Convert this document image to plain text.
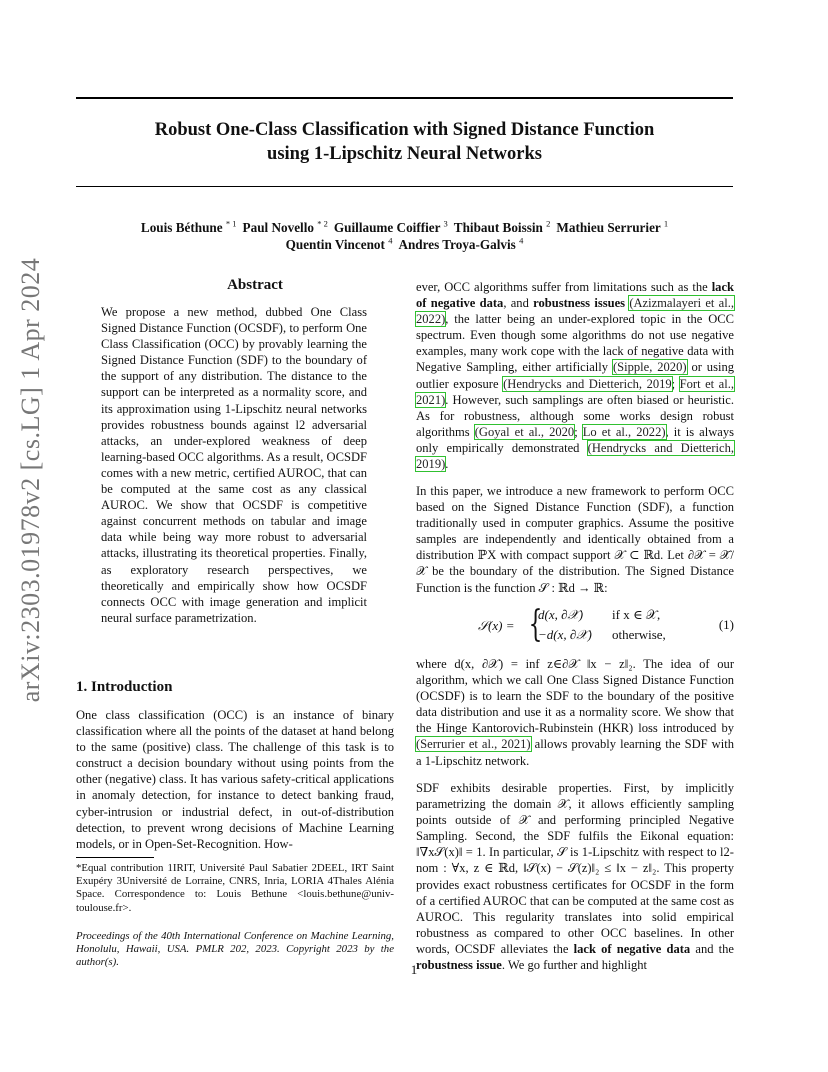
arXiv:2303.01978v2 [cs.LG] 1 Apr 2024
Robust One-Class Classification with Signed Distance Function
using 1-Lipschitz Neural Networks
Louis Béthune $^{* 1}$ Paul Novello $^{* 2}$ Guillaume Coiffier $^3$ Thibaut Boissin $^2$ Mathieu Serrurier $^1$
Quentin Vincenot $^4$ Andres Troya-Galvis $^4$
Abstract

We propose a new method, dubbed One Class Signed Distance Function (OCSDF), to perform One Class Classification (OCC) by provably learning the Signed Distance Function (SDF) to the boundary of the support of any distribution. The distance to the support can be interpreted as a normality score, and its approximation using 1-Lipschitz neural networks provides robustness bounds against l2 adversarial attacks, an under-explored weakness of deep learning-based OCC algorithms. As a result, OCSDF comes with a new metric, certified AUROC, that can be computed at the same cost as any classical AUROC. We show that OCSDF is competitive against concurrent methods on tabular and image data while being way more robust to adversarial attacks, illustrating its theoretical properties. Finally, as exploratory research perspectives, we theoretically and empirically show how OCSDF connects OCC with image generation and implicit neural surface parametrization.

1. Introduction

One class classification (OCC) is an instance of binary classification where all the points of the dataset at hand belong to the same (positive) class. The challenge of this task is to construct a decision boundary without using points from the other (negative) class. It has various safety-critical applications in anomaly detection, for instance to detect banking fraud, cyber-intrusion or industrial defect, in out-of-distribution detection, to prevent wrong decisions of Machine Learning models, or in Open-Set-Recognition. How-

*Equal contribution 1IRIT, Université Paul Sabatier 2DEEL, IRT Saint Exupéry 3Université de Lorraine, CNRS, Inria, LORIA 4Thales Alénia Space. Correspondence to: Louis Bethune <louis.bethune@univ-toulouse.fr>.
Proceedings of the 40th International Conference on Machine Learning, Honolulu, Hawaii, USA. PMLR 202, 2023. Copyright 2023 by the author(s).

ever, OCC algorithms suffer from limitations such as the lack of negative data, and robustness issues (Azizmalayeri et al., 2022), the latter being an under-explored topic in the OCC spectrum. Even though some algorithms do not use negative examples, many work cope with the lack of negative data with Negative Sampling, either artificially (Sipple, 2020) or using outlier exposure (Hendrycks and Dietterich, 2019; Fort et al., 2021). However, such samplings are often biased or heuristic. As for robustness, although some works design robust algorithms (Goyal et al., 2020; Lo et al., 2022), it is always only empirically demonstrated (Hendrycks and Dietterich, 2019).

In this paper, we introduce a new framework to perform OCC based on the Signed Distance Function (SDF), a function traditionally used in computer graphics. Assume the positive samples are independently and identically obtained from a distribution ℙX with compact support 𝒳 ⊂ ℝd. Let ∂𝒳 = 𝒳̄/𝒳 be the boundary of the distribution. The Signed Distance Function is the function 𝒮 : ℝd → ℝ:

𝒮(x) = {
d(x, ∂𝒳) if x ∈ 𝒳,
−d(x, ∂𝒳) otherwise,
(1)

where d(x, ∂𝒳) = inf z∈∂𝒳 ‖x − z‖₂. The idea of our algorithm, which we call One Class Signed Distance Function (OCSDF) is to learn the SDF to the boundary of the positive data distribution and use it as a normality score. We show that the Hinge Kantorovich-Rubinstein (HKR) loss introduced by (Serrurier et al., 2021) allows provably learning the SDF with a 1-Lipschitz network.

SDF exhibits desirable properties. First, by implicitly parametrizing the domain 𝒳, it allows efficiently sampling points outside of 𝒳 and performing principled Negative Sampling. Second, the SDF fulfils the Eikonal equation: ‖∇x𝒮(x)‖ = 1. In particular, 𝒮 is 1-Lipschitz with respect to l2-nom : ∀x, z ∈ ℝd, ‖𝒮(x) − 𝒮(z)‖₂ ≤ ‖x − z‖₂. This property provides exact robustness certificates for OCSDF in the form of a certified AUROC that can be computed at the same cost as AUROC. This regularity translates into solid empirical robustness as compared to other OCC baselines. In other words, OCSDF alleviates the lack of negative data and the robustness issue. We go further and highlight

1
